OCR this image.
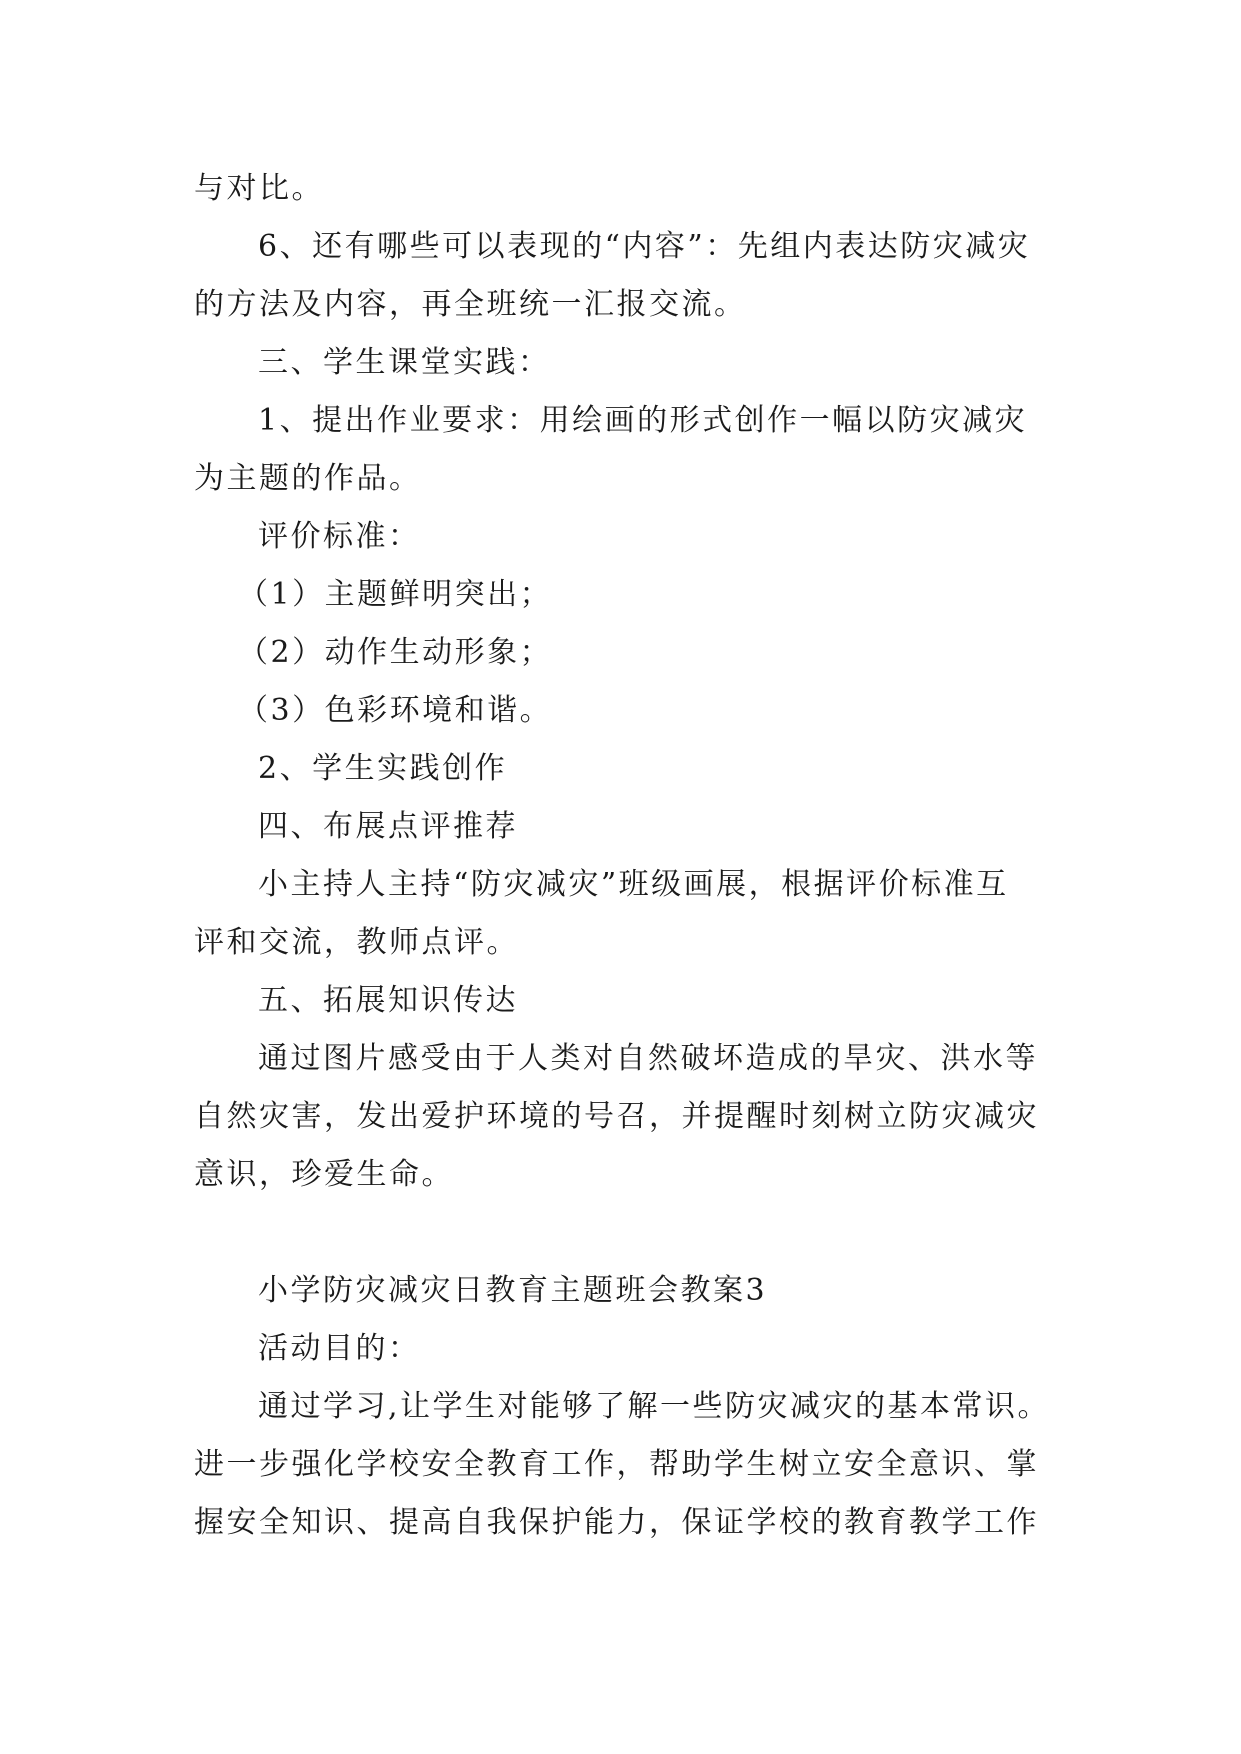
与对比。
6、还有哪些可以表现的“内容”：先组内表达防灾减灾
的方法及内容，再全班统一汇报交流。
三、学生课堂实践：
1、提出作业要求：用绘画的形式创作一幅以防灾减灾
为主题的作品。
评价标准：
（1）主题鲜明突出；
（2）动作生动形象；
（3）色彩环境和谐。
2、学生实践创作
四、布展点评推荐
小主持人主持“防灾减灾”班级画展，根据评价标准互
评和交流，教师点评。
五、拓展知识传达
通过图片感受由于人类对自然破坏造成的旱灾、洪水等
自然灾害，发出爱护环境的号召，并提醒时刻树立防灾减灾
意识，珍爱生命。
小学防灾减灾日教育主题班会教案3
活动目的：
通过学习,让学生对能够了解一些防灾减灾的基本常识。
进一步强化学校安全教育工作，帮助学生树立安全意识、掌
握安全知识、提高自我保护能力，保证学校的教育教学工作
